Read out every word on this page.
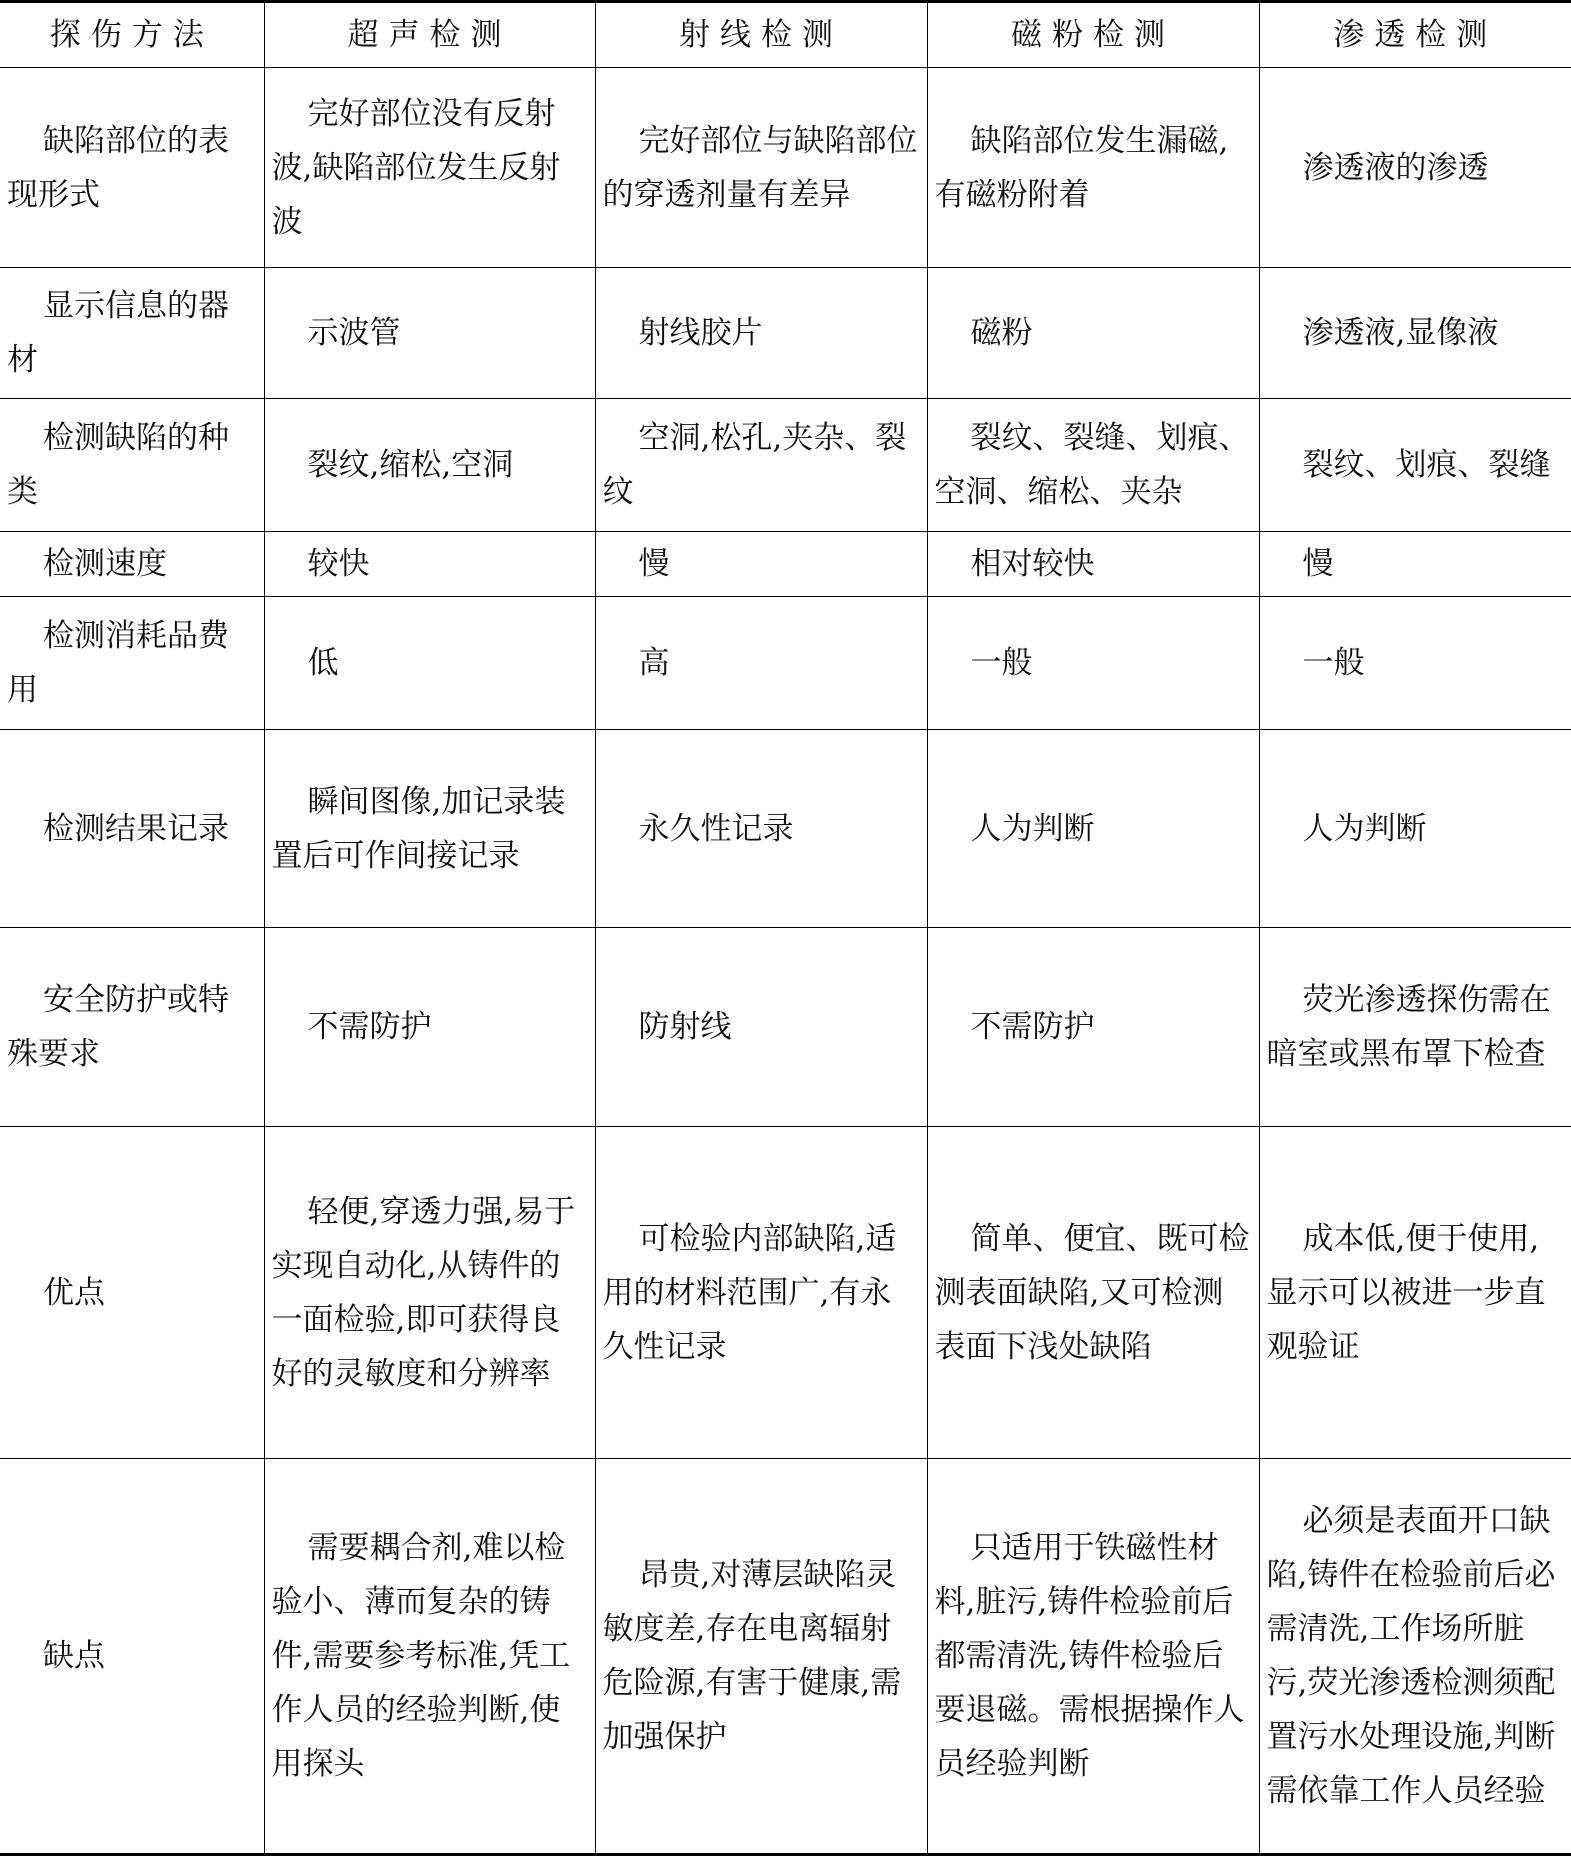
探伤方法	超声检测	射线检测	磁粉检测	渗透检测
缺陷部位的表现形式	完好部位没有反射波,缺陷部位发生反射波	完好部位与缺陷部位的穿透剂量有差异	缺陷部位发生漏磁,有磁粉附着	渗透液的渗透
显示信息的器材	示波管	射线胶片	磁粉	渗透液,显像液
检测缺陷的种类	裂纹,缩松,空洞	空洞,松孔,夹杂、裂纹	裂纹、裂缝、划痕、空洞、缩松、夹杂	裂纹、划痕、裂缝
检测速度	较快	慢	相对较快	慢
检测消耗品费用	低	高	一般	一般
检测结果记录	瞬间图像,加记录装置后可作间接记录	永久性记录	人为判断	人为判断
安全防护或特殊要求	不需防护	防射线	不需防护	荧光渗透探伤需在暗室或黑布罩下检查
优点	轻便,穿透力强,易于实现自动化,从铸件的一面检验,即可获得良好的灵敏度和分辨率	可检验内部缺陷,适用的材料范围广,有永久性记录	简单、便宜、既可检测表面缺陷,又可检测表面下浅处缺陷	成本低,便于使用,显示可以被进一步直观验证
缺点	需要耦合剂,难以检验小、薄而复杂的铸件,需要参考标准,凭工作人员的经验判断,使用探头	昂贵,对薄层缺陷灵敏度差,存在电离辐射危险源,有害于健康,需加强保护	只适用于铁磁性材料,脏污,铸件检验前后都需清洗,铸件检验后要退磁。需根据操作人员经验判断	必须是表面开口缺陷,铸件在检验前后必需清洗,工作场所脏污,荧光渗透检测须配置污水处理设施,判断需依靠工作人员经验
